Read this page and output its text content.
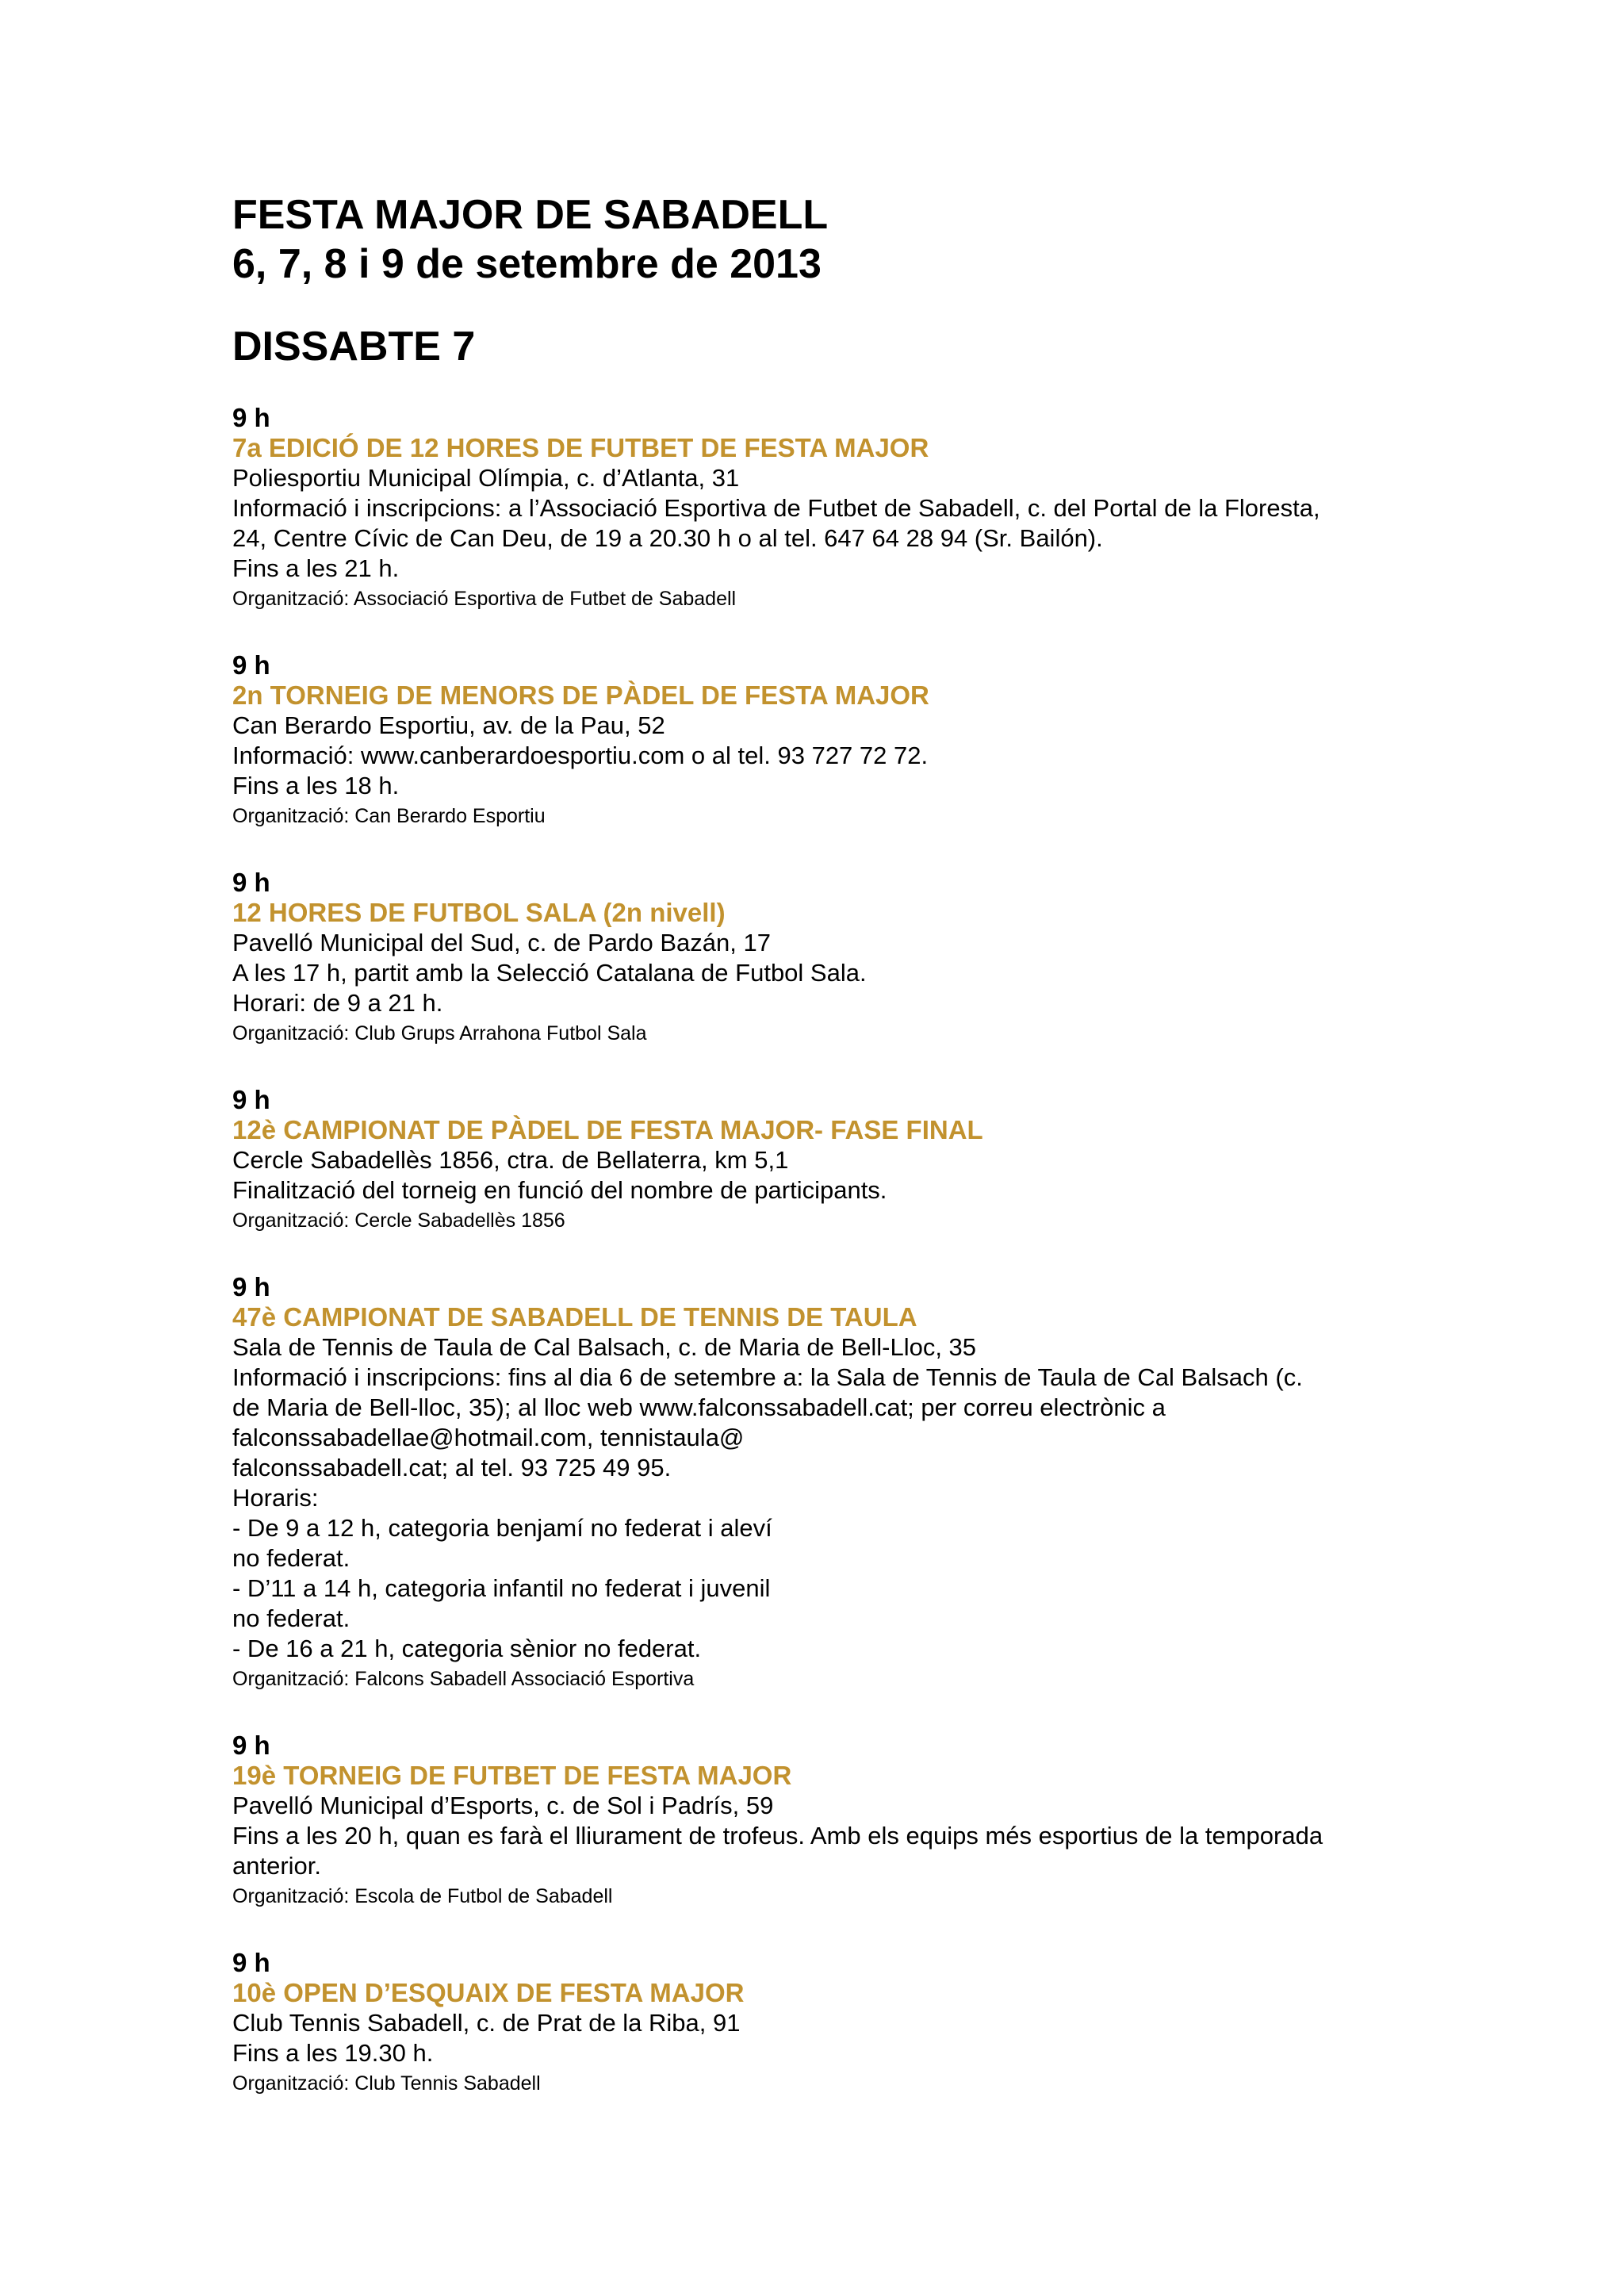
FESTA MAJOR DE SABADELL
6, 7, 8 i 9 de setembre de 2013
DISSABTE 7
9 h
7a EDICIÓ DE 12 HORES DE FUTBET DE FESTA MAJOR
Poliesportiu Municipal Olímpia, c. d’Atlanta, 31
Informació i inscripcions: a l’Associació Esportiva de Futbet de Sabadell, c. del Portal de la Floresta,
24, Centre Cívic de Can Deu, de 19 a 20.30 h o al tel. 647 64 28 94 (Sr. Bailón).
Fins a les 21 h.
Organització: Associació Esportiva de Futbet de Sabadell
9 h
2n TORNEIG DE MENORS DE PÀDEL DE FESTA MAJOR
Can Berardo Esportiu, av. de la Pau, 52
Informació: www.canberardoesportiu.com o al tel. 93 727 72 72.
Fins a les 18 h.
Organització: Can Berardo Esportiu
9 h
12 HORES DE FUTBOL SALA (2n nivell)
Pavelló Municipal del Sud, c. de Pardo Bazán, 17
A les 17 h, partit amb la Selecció Catalana de Futbol Sala.
Horari: de 9 a 21 h.
Organització: Club Grups Arrahona Futbol Sala
9 h
12è CAMPIONAT DE PÀDEL DE FESTA MAJOR- FASE FINAL
Cercle Sabadellès 1856, ctra. de Bellaterra, km 5,1
Finalització del torneig en funció del nombre de participants.
Organització: Cercle Sabadellès 1856
9 h
47è CAMPIONAT DE SABADELL DE TENNIS DE TAULA
Sala de Tennis de Taula de Cal Balsach, c. de Maria de Bell-Lloc, 35
Informació i inscripcions: fins al dia 6 de setembre a: la Sala de Tennis de Taula de Cal Balsach (c.
de Maria de Bell-lloc, 35); al lloc web www.falconssabadell.cat; per correu electrònic a
falconssabadellae@hotmail.com, tennistaula@
falconssabadell.cat; al tel. 93 725 49 95.
Horaris:
- De 9 a 12 h, categoria benjamí no federat i aleví
no federat.
- D’11 a 14 h, categoria infantil no federat i juvenil
no federat.
- De 16 a 21 h, categoria sènior no federat.
Organització: Falcons Sabadell Associació Esportiva
9 h
19è TORNEIG DE FUTBET DE FESTA MAJOR
Pavelló Municipal d’Esports, c. de Sol i Padrís, 59
Fins a les 20 h, quan es farà el lliurament de trofeus. Amb els equips més esportius de la temporada
anterior.
Organització: Escola de Futbol de Sabadell
9 h
10è OPEN D’ESQUAIX DE FESTA MAJOR
Club Tennis Sabadell, c. de Prat de la Riba, 91
Fins a les 19.30 h.
Organització: Club Tennis Sabadell
